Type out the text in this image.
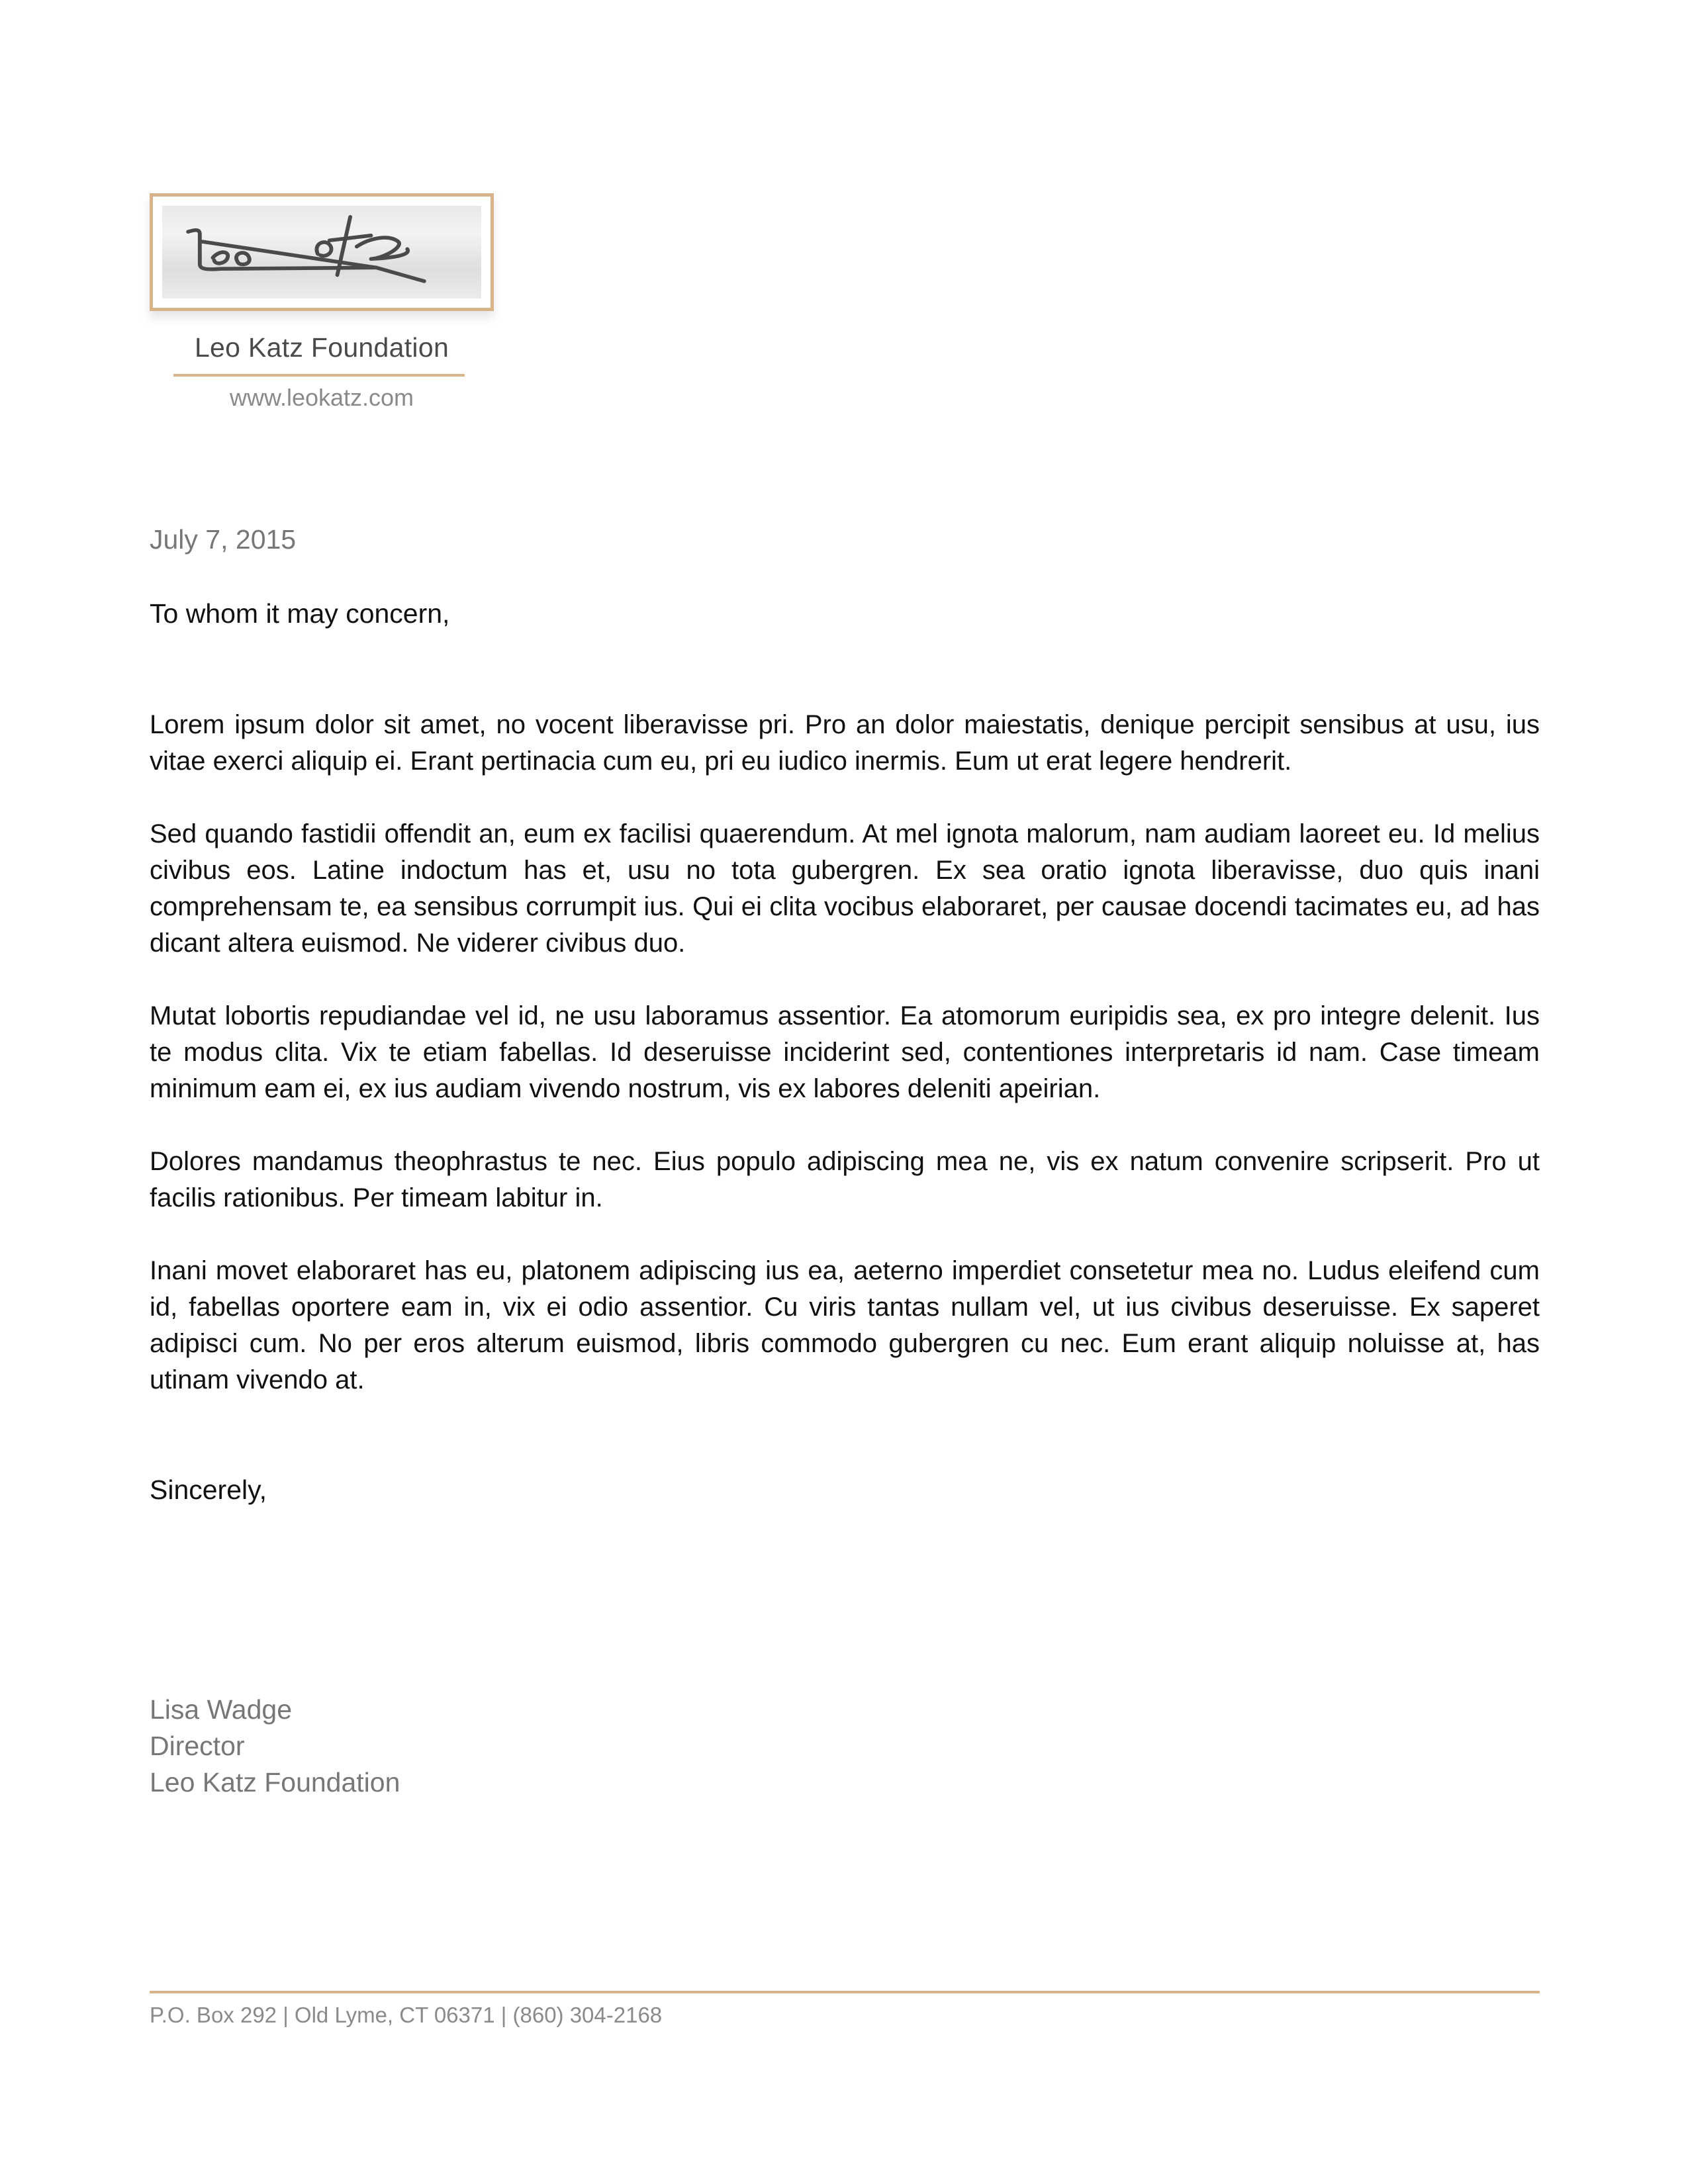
Leo Katz Foundation
www.leokatz.com
July 7, 2015
To whom it may concern,

Lorem ipsum dolor sit amet, no vocent liberavisse pri. Pro an dolor maiestatis, denique percipit sensibus at usu, ius vitae exerci aliquip ei. Erant pertinacia cum eu, pri eu iudico inermis. Eum ut erat legere hendrerit.

Sed quando fastidii offendit an, eum ex facilisi quaerendum. At mel ignota malorum, nam audiam laoreet eu. Id melius civibus eos. Latine indoctum has et, usu no tota gubergren. Ex sea oratio ignota liberavisse, duo quis inani comprehensam te, ea sensibus corrumpit ius. Qui ei clita vocibus elaboraret, per causae docendi tacimates eu, ad has dicant altera euismod. Ne viderer civibus duo.

Mutat lobortis repudiandae vel id, ne usu laboramus assentior. Ea atomorum euripidis sea, ex pro integre delenit. Ius te modus clita. Vix te etiam fabellas. Id deseruisse inciderint sed, contentiones interpretaris id nam. Case timeam minimum eam ei, ex ius audiam vivendo nostrum, vis ex labores deleniti apeirian.

Dolores mandamus theophrastus te nec. Eius populo adipiscing mea ne, vis ex natum convenire scripserit. Pro ut facilis rationibus. Per timeam labitur in.

Inani movet elaboraret has eu, platonem adipiscing ius ea, aeterno imperdiet consetetur mea no. Ludus eleifend cum id, fabellas oportere eam in, vix ei odio assentior. Cu viris tantas nullam vel, ut ius civibus deseruisse. Ex saperet adipisci cum. No per eros alterum euismod, libris commodo gubergren cu nec. Eum erant aliquip noluisse at, has utinam vivendo at.

Sincerely,
Lisa Wadge
Director
Leo Katz Foundation
P.O. Box 292 | Old Lyme, CT 06371 | (860) 304-2168
